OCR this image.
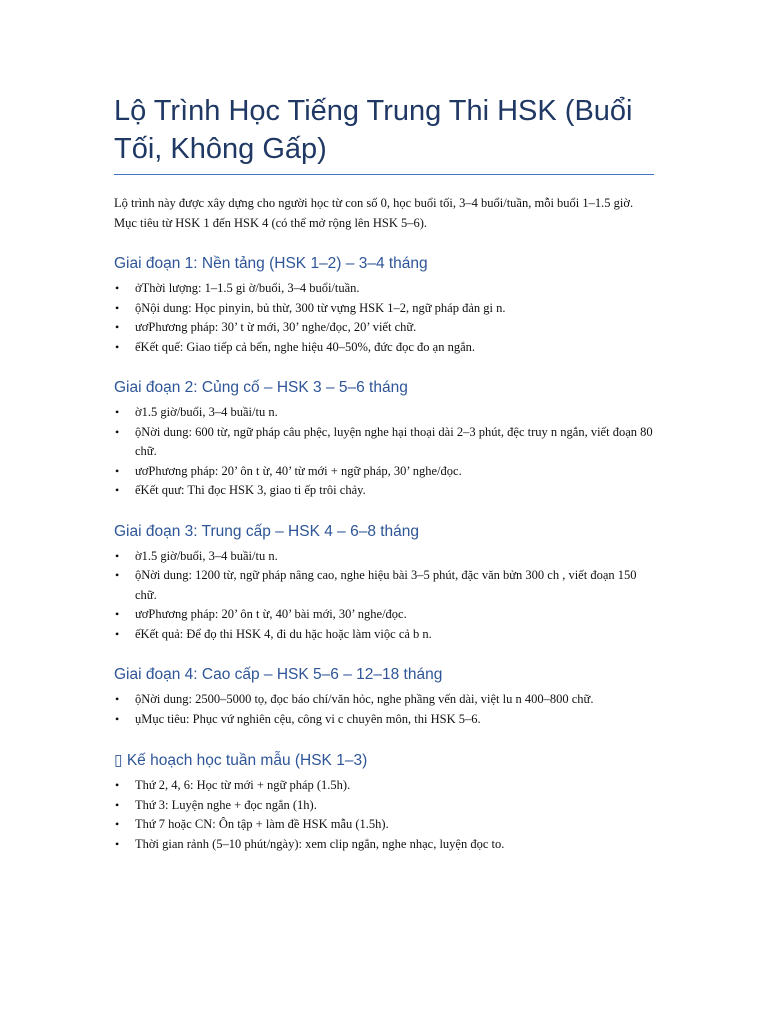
Lộ Trình Học Tiếng Trung Thi HSK (Buổi Tối, Không Gấp)

Lộ trình này được xây dựng cho người học từ con số 0, học buổi tối, 3–4 buổi/tuần, mỗi buổi 1–1.5 giờ. Mục tiêu từ HSK 1 đến HSK 4 (có thể mở rộng lên HSK 5–6).

Giai đoạn 1: Nền tảng (HSK 1–2) – 3–4 tháng
• ởThời lượng: 1–1.5 gi ờ/buổi, 3–4 buổi/tuần.
• ộNội dung: Học pinyin, bủ thừ, 300 từ vựng HSK 1–2, ngữ pháp đản gi n.
• ươPhương pháp: 30’ t ừ mới, 30’ nghe/đọc, 20’ viết chữ.
• ếKết quế: Giao tiếp cả bển, nghe hiệu 40–50%, đức đọc đo ạn ngắn.
Giai đoạn 2: Củng cố – HSK 3 – 5–6 tháng
• ờ1.5 giờ/buổi, 3–4 buầi/tu n.
• ộNời dung: 600 từ, ngữ pháp câu phệc, luyện nghe hại thoại dài 2–3 phút, đệc truy n ngắn, viết đoạn 80 chữ.
• ươPhương pháp: 20’ ôn t ừ, 40’ từ mới + ngữ pháp, 30’ nghe/đọc.
• ếKết quư: Thi đọc HSK 3, giao ti ếp trôi chảy.
Giai đoạn 3: Trung cấp – HSK 4 – 6–8 tháng
• ờ1.5 giờ/buổi, 3–4 buầi/tu n.
• ộNời dung: 1200 từ, ngữ pháp nâng cao, nghe hiệu bài 3–5 phút, đặc văn bửn 300 ch , viết đoạn 150 chữ.
• ươPhương pháp: 20’ ôn t ừ, 40’ bài mới, 30’ nghe/đọc.
• ếKết quả: Để đọ thi HSK 4, đi du hặc hoặc làm viộc cả b n.
Giai đoạn 4: Cao cấp – HSK 5–6 – 12–18 tháng
• ộNời dung: 2500–5000 tọ, đọc báo chí/văn hỏc, nghe phầng vến dài, việt lu n 400–800 chữ.
• ụMục tiêu: Phục vứ nghiên cệu, công vi c chuyên môn, thi HSK 5–6.
▯ Kế hoạch học tuần mẫu (HSK 1–3)
• Thứ 2, 4, 6: Học từ mới + ngữ pháp (1.5h).
• Thứ 3: Luyện nghe + đọc ngắn (1h).
• Thứ 7 hoặc CN: Ôn tập + làm đề HSK mẫu (1.5h).
• Thời gian rảnh (5–10 phút/ngày): xem clip ngắn, nghe nhạc, luyện đọc to.
